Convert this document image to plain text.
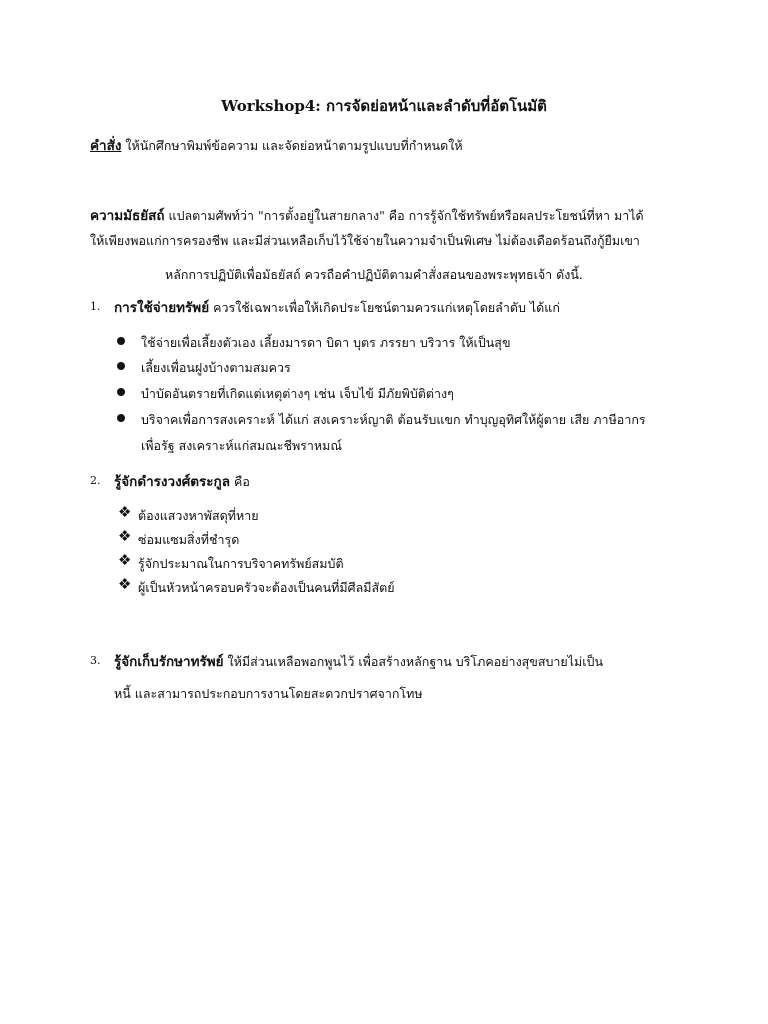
Workshop4: การจัดย่อหน้าและลำดับที่อัตโนมัติ
คำสั่ง ให้นักศึกษาพิมพ์ข้อความ และจัดย่อหน้าตามรูปแบบที่กำหนดให้
ความมัธยัสถ์ แปลตามศัพท์ว่า "การตั้งอยู่ในสายกลาง" คือ การรู้จักใช้ทรัพย์หรือผลประโยชน์ที่หา มาได้
ให้เพียงพอแก่การครองชีพ และมีส่วนเหลือเก็บไว้ใช้จ่ายในความจำเป็นพิเศษ ไม่ต้องเดือดร้อนถึงกู้ยืมเขา
หลักการปฏิบัติเพื่อมัธยัสถ์ ควรถือคำปฏิบัติตามคำสั่งสอนของพระพุทธเจ้า ดังนี้.
1. การใช้จ่ายทรัพย์ ควรใช้เฉพาะเพื่อให้เกิดประโยชน์ตามควรแก่เหตุโดยลำดับ ได้แก่
ใช้จ่ายเพื่อเลี้ยงตัวเอง เลี้ยงมารดา บิดา บุตร ภรรยา บริวาร ให้เป็นสุข
เลี้ยงเพื่อนฝูงบ้างตามสมควร
บำบัดอันตรายที่เกิดแต่เหตุต่างๆ เช่น เจ็บไข้ มีภัยพิบัติต่างๆ
บริจาคเพื่อการสงเคราะห์ ได้แก่ สงเคราะห์ญาติ ต้อนรับแขก ทำบุญอุทิศให้ผู้ตาย เสีย ภาษีอากร
เพื่อรัฐ สงเคราะห์แก่สมณะชีพราหมณ์
2. รู้จักดำรงวงศ์ตระกูล คือ
❖ ต้องแสวงหาพัสดุที่หาย
❖ ซ่อมแซมสิ่งที่ชำรุด
❖ รู้จักประมาณในการบริจาคทรัพย์สมบัติ
❖ ผู้เป็นหัวหน้าครอบครัวจะต้องเป็นคนที่มีศีลมีสัตย์
3. รู้จักเก็บรักษาทรัพย์ ให้มีส่วนเหลือพอกพูนไว้ เพื่อสร้างหลักฐาน บริโภคอย่างสุขสบายไม่เป็น
หนี้ และสามารถประกอบการงานโดยสะดวกปราศจากโทษ
